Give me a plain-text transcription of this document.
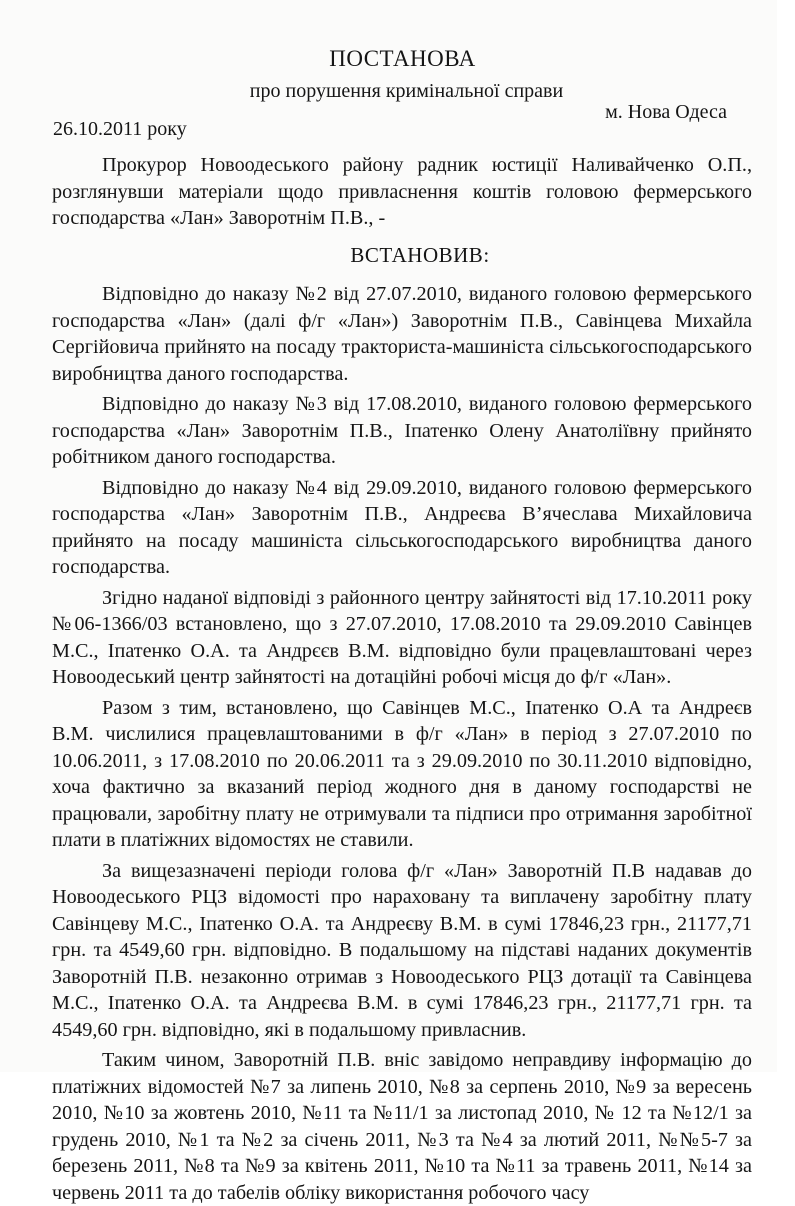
ПОСТАНОВА
про порушення кримінальної справи
м. Нова Одеса
26.10.2011 року

Прокурор Новоодеського району радник юстиції Наливайченко О.П., розглянувши матеріали щодо привласнення коштів головою фермерського господарства «Лан» Заворотнім П.В., -

ВСТАНОВИВ:

Відповідно до наказу №2 від 27.07.2010, виданого головою фермерського господарства «Лан» (далі ф/г «Лан») Заворотнім П.В., Савінцева Михайла Сергійовича прийнято на посаду тракториста-машиніста сільськогосподарського виробництва даного господарства.

Відповідно до наказу №3 від 17.08.2010, виданого головою фермерського господарства «Лан» Заворотнім П.В., Іпатенко Олену Анатоліївну прийнято робітником даного господарства.

Відповідно до наказу №4 від 29.09.2010, виданого головою фермерського господарства «Лан» Заворотнім П.В., Андреєва В’ячеслава Михайловича прийнято на посаду машиніста сільськогосподарського виробництва даного господарства.

Згідно наданої відповіді з районного центру зайнятості від 17.10.2011 року №06-1366/03 встановлено, що з 27.07.2010, 17.08.2010 та 29.09.2010 Савінцев М.С., Іпатенко О.А. та Андрєєв В.М. відповідно були працевлаштовані через Новоодеський центр зайнятості на дотаційні робочі місця до ф/г «Лан».

Разом з тим, встановлено, що Савінцев М.С., Іпатенко О.А та Андреєв В.М. числилися працевлаштованими в ф/г «Лан» в період з 27.07.2010 по 10.06.2011, з 17.08.2010 по 20.06.2011 та з 29.09.2010 по 30.11.2010 відповідно, хоча фактично за вказаний період жодного дня в даному господарстві не працювали, заробітну плату не отримували та підписи про отримання заробітної плати в платіжних відомостях не ставили.

За вищезазначені періоди голова ф/г «Лан» Заворотній П.В надавав до Новоодеського РЦЗ відомості про нараховану та виплачену заробітну плату Савінцеву М.С., Іпатенко О.А. та Андреєву В.М. в сумі 17846,23 грн., 21177,71 грн. та 4549,60 грн. відповідно. В подальшому на підставі наданих документів Заворотній П.В. незаконно отримав з Новоодеського РЦЗ дотації та Савінцева М.С., Іпатенко О.А. та Андреєва В.М. в сумі 17846,23 грн., 21177,71 грн. та 4549,60 грн. відповідно, які в подальшому привласнив.

Таким чином, Заворотній П.В. вніс завідомо неправдиву інформацію до платіжних відомостей №7 за липень 2010, №8 за серпень 2010, №9 за вересень 2010, №10 за жовтень 2010, №11 та №11/1 за листопад 2010, № 12 та №12/1 за грудень 2010, №1 та №2 за січень 2011, №3 та №4 за лютий 2011, №№5-7 за березень 2011, №8 та №9 за квітень 2011, №10 та №11 за травень 2011, №14 за червень 2011 та до табелів обліку використання робочого часу
